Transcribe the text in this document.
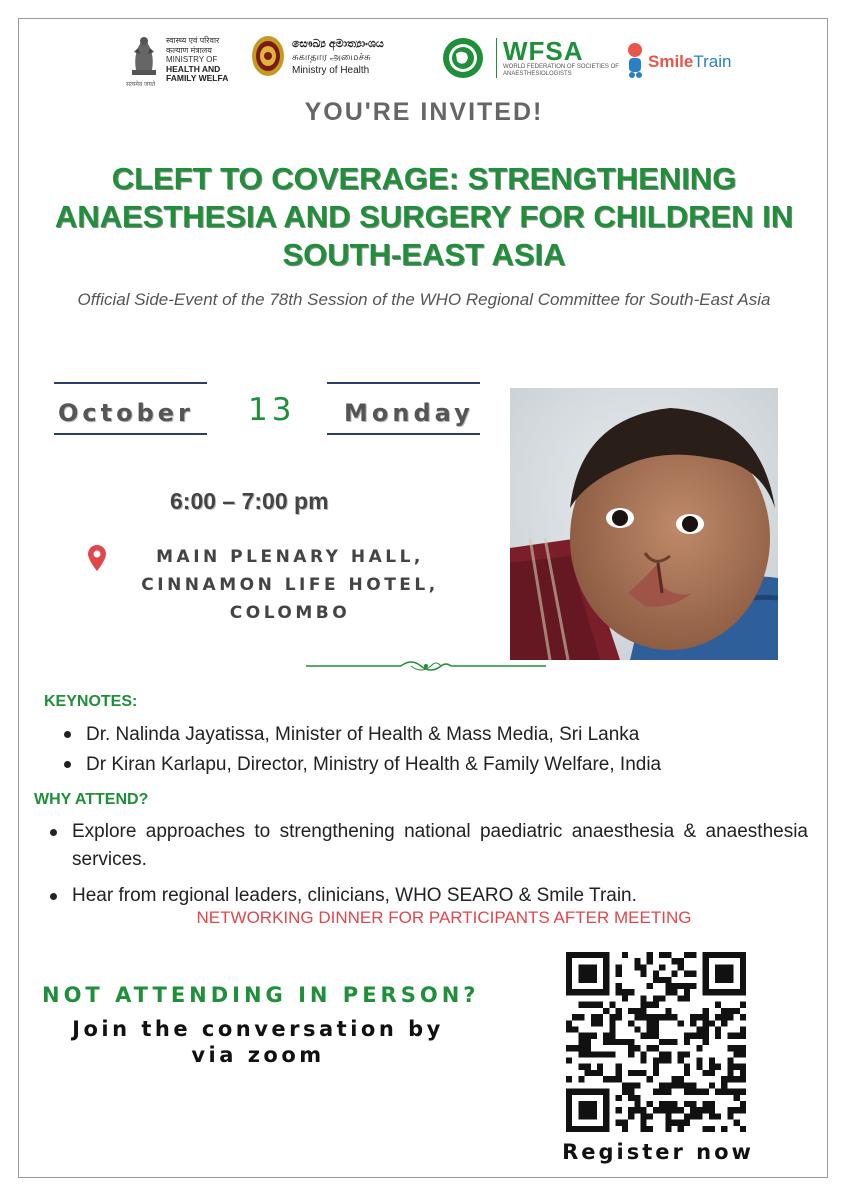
स्वास्थ्य एवं परिवार कल्याण मंत्रालय
MINISTRY OF
HEALTH AND
FAMILY WELFA
सत्यमेव जयते
සෞඛ්‍ය අමාත්‍යාංශය
சுகாதார அமைச்சு
Ministry of Health
WFSA
WORLD FEDERATION OF SOCIETIES OF
ANAESTHESIOLOGISTS
SmileTrain
YOU'RE INVITED!
CLEFT TO COVERAGE: STRENGTHENING ANAESTHESIA AND SURGERY FOR CHILDREN IN SOUTH-EAST ASIA
Official Side-Event of the 78th Session of the WHO Regional Committee for South-East Asia
October 13 Monday
6:00 – 7:00 pm
MAIN PLENARY HALL,
CINNAMON LIFE HOTEL,
COLOMBO
KEYNOTES:
Dr. Nalinda Jayatissa, Minister of Health & Mass Media, Sri Lanka
Dr Kiran Karlapu, Director, Ministry of Health & Family Welfare, India
WHY ATTEND?
Explore approaches to strengthening national paediatric anaesthesia & anaesthesia services.
Hear from regional leaders, clinicians, WHO SEARO & Smile Train.
NETWORKING DINNER FOR PARTICIPANTS AFTER MEETING
NOT ATTENDING IN PERSON?
Join the conversation by
via zoom
Register now
